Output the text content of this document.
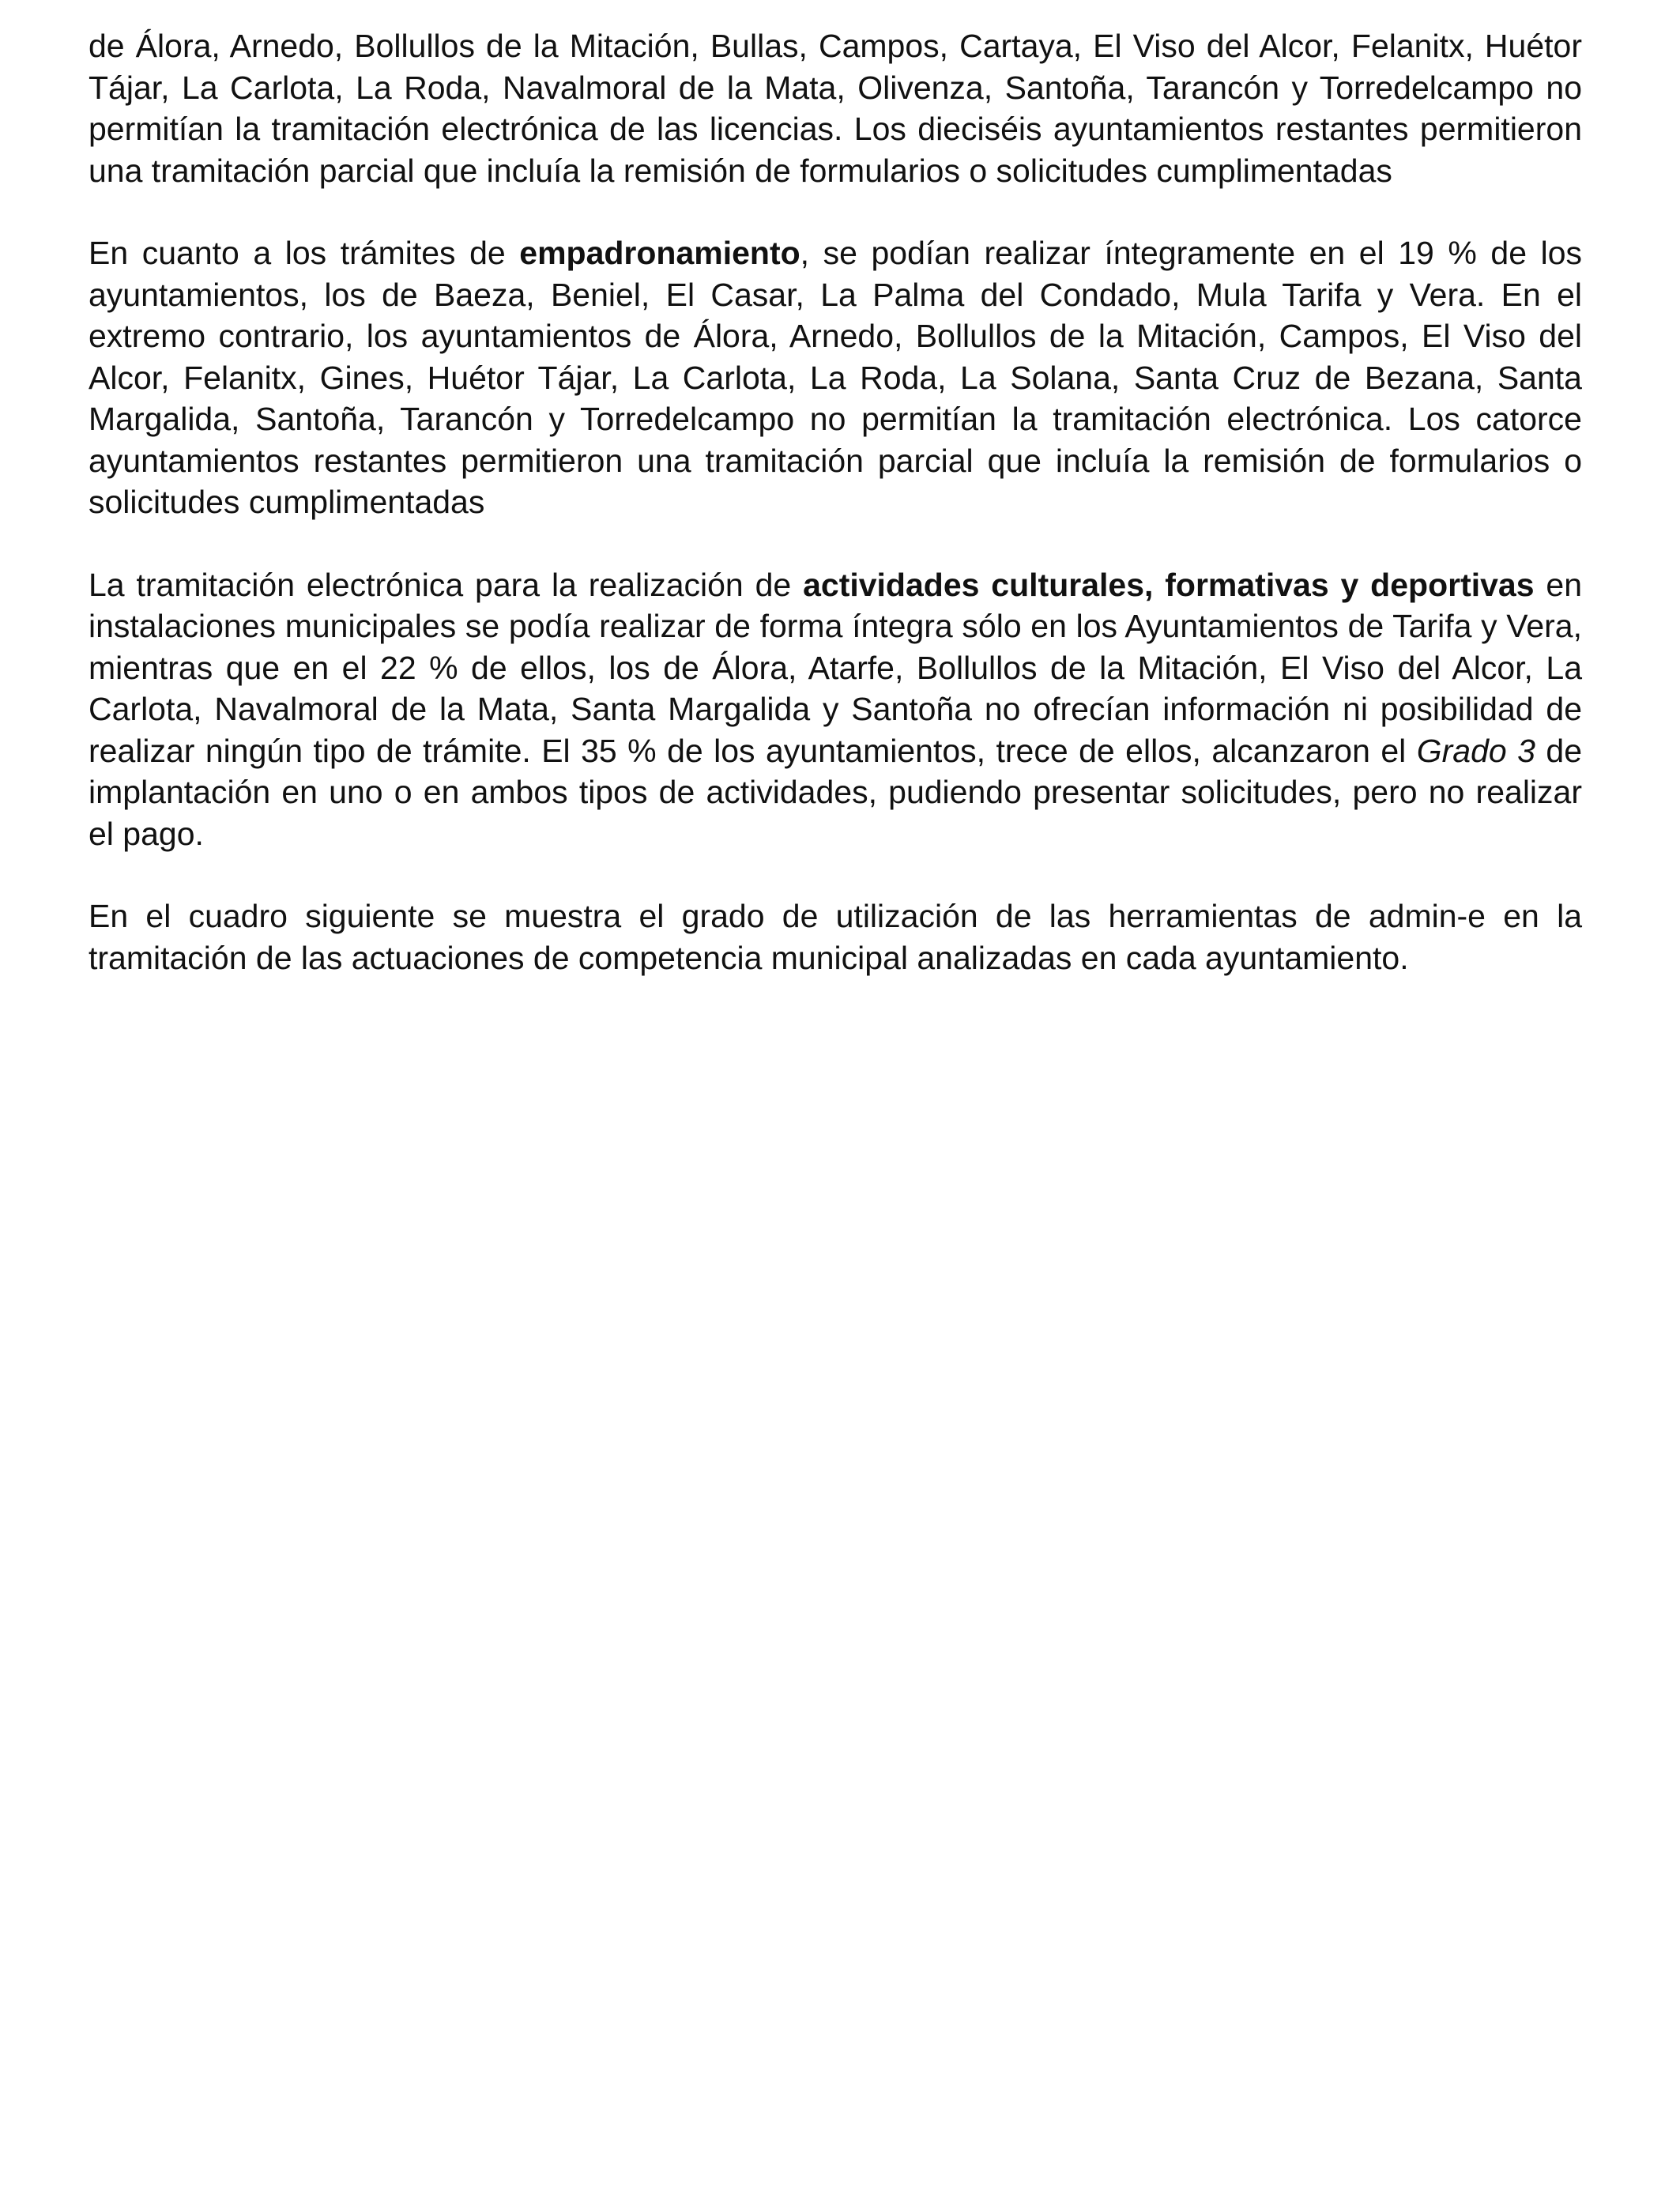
de Álora, Arnedo, Bollullos de la Mitación, Bullas, Campos, Cartaya, El Viso del Alcor, Felanitx, Huétor Tájar, La Carlota, La Roda, Navalmoral de la Mata, Olivenza, Santoña, Tarancón y Torredelcampo no permitían la tramitación electrónica de las licencias. Los dieciséis ayuntamientos restantes permitieron una tramitación parcial que incluía la remisión de formularios o solicitudes cumplimentadas

En cuanto a los trámites de empadronamiento, se podían realizar íntegramente en el 19 % de los ayuntamientos, los de Baeza, Beniel, El Casar, La Palma del Condado, Mula Tarifa y Vera. En el extremo contrario, los ayuntamientos de Álora, Arnedo, Bollullos de la Mitación, Campos, El Viso del Alcor, Felanitx, Gines, Huétor Tájar, La Carlota, La Roda, La Solana, Santa Cruz de Bezana, Santa Margalida, Santoña, Tarancón y Torredelcampo no permitían la tramitación electrónica. Los catorce ayuntamientos restantes permitieron una tramitación parcial que incluía la remisión de formularios o solicitudes cumplimentadas

La tramitación electrónica para la realización de actividades culturales, formativas y deportivas en instalaciones municipales se podía realizar de forma íntegra sólo en los Ayuntamientos de Tarifa y Vera, mientras que en el 22 % de ellos, los de Álora, Atarfe, Bollullos de la Mitación, El Viso del Alcor, La Carlota, Navalmoral de la Mata, Santa Margalida y Santoña no ofrecían información ni posibilidad de realizar ningún tipo de trámite. El 35 % de los ayuntamientos, trece de ellos, alcanzaron el Grado 3 de implantación en uno o en ambos tipos de actividades, pudiendo presentar solicitudes, pero no realizar el pago.

En el cuadro siguiente se muestra el grado de utilización de las herramientas de admin-e en la tramitación de las actuaciones de competencia municipal analizadas en cada ayuntamiento.
